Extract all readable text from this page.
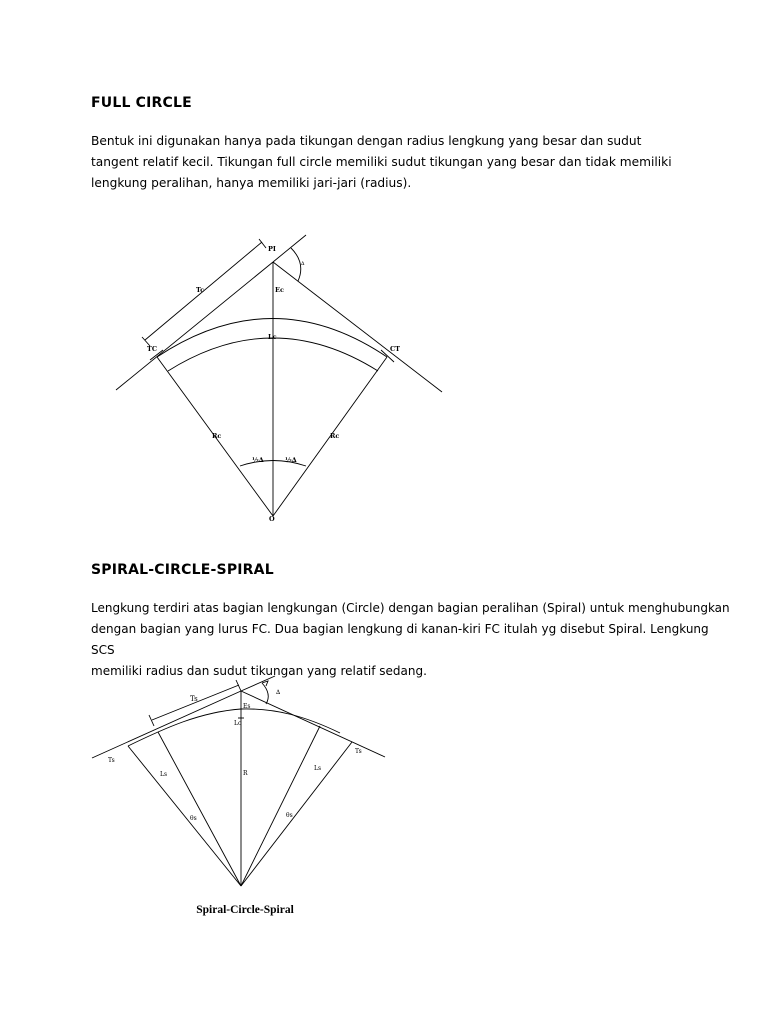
FULL CIRCLE

Bentuk ini digunakan hanya pada tikungan dengan radius lengkung yang besar dan sudut
tangent relatif kecil. Tikungan full circle memiliki sudut tikungan yang besar dan tidak memiliki
lengkung peralihan, hanya memiliki jari-jari (radius).

PI
Tc	Ec
Lc
TC	CT
Rc	Rc
½∆	½∆
O
∆
SPIRAL-CIRCLE-SPIRAL

Lengkung terdiri atas bagian lengkungan (Circle) dengan bagian peralihan (Spiral) untuk menghubungkan
dengan bagian yang lurus FC. Dua bagian lengkung di kanan-kiri FC itulah yg disebut Spiral. Lengkung SCS
memiliki radius dan sudut tikungan yang relatif sedang.

Ts
∆
Es
Lc
Ts
Ts
Ls
Ls
R
θs	θs
Spiral-Circle-Spiral
